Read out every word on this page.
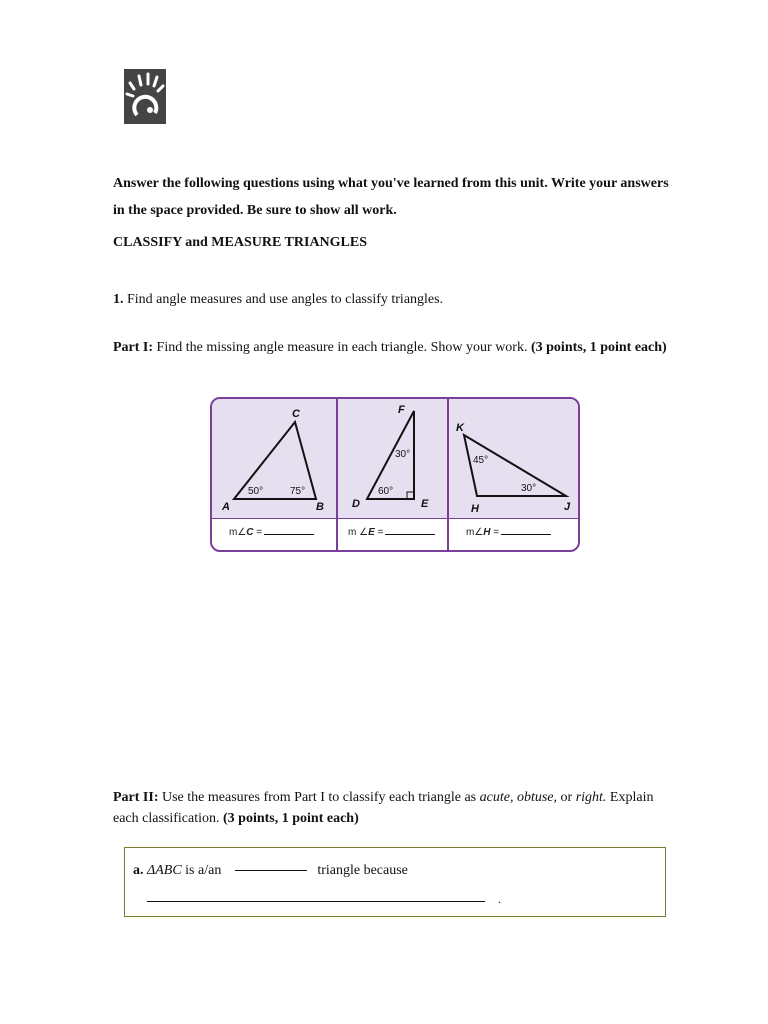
Answer the following questions using what you've learned from this unit. Write your answers in the space provided. Be sure to show all work.

CLASSIFY and MEASURE TRIANGLES

1. Find angle measures and use angles to classify triangles.

Part I: Find the missing angle measure in each triangle. Show your work. (3 points, 1 point each)

C
A	B
50°	75°
F
D	E
30°
60°
K
H	J
45°
30°
m∠C =	m ∠E =	m∠H =

Part II: Use the measures from Part I to classify each triangle as acute, obtuse, or right. Explain each classification. (3 points, 1 point each)

a. ΔABC is a/an	triangle because
.
